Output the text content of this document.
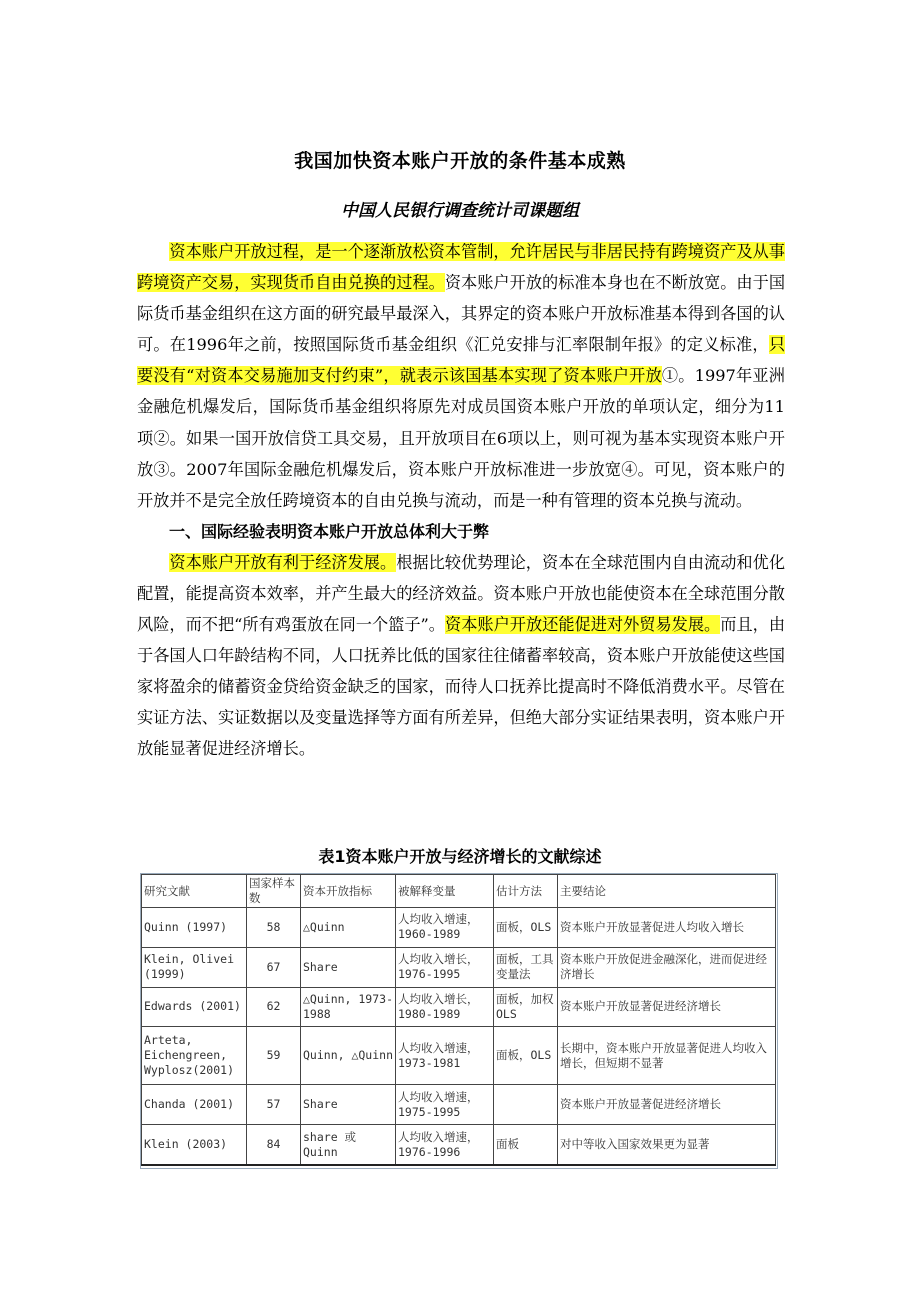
我国加快资本账户开放的条件基本成熟
中国人民银行调查统计司课题组

资本账户开放过程，是一个逐渐放松资本管制，允许居民与非居民持有跨境资产及从事跨境资产交易，实现货币自由兑换的过程。资本账户开放的标准本身也在不断放宽。由于国际货币基金组织在这方面的研究最早最深入，其界定的资本账户开放标准基本得到各国的认可。在1996年之前，按照国际货币基金组织《汇兑安排与汇率限制年报》的定义标准，只要没有“对资本交易施加支付约束”，就表示该国基本实现了资本账户开放①。1997年亚洲金融危机爆发后，国际货币基金组织将原先对成员国资本账户开放的单项认定，细分为11项②。如果一国开放信贷工具交易，且开放项目在6项以上，则可视为基本实现资本账户开放③。2007年国际金融危机爆发后，资本账户开放标准进一步放宽④。可见，资本账户的开放并不是完全放任跨境资本的自由兑换与流动，而是一种有管理的资本兑换与流动。

一、国际经验表明资本账户开放总体利大于弊

资本账户开放有利于经济发展。根据比较优势理论，资本在全球范围内自由流动和优化配置，能提高资本效率，并产生最大的经济效益。资本账户开放也能使资本在全球范围分散风险，而不把“所有鸡蛋放在同一个篮子”。资本账户开放还能促进对外贸易发展。而且，由于各国人口年龄结构不同，人口抚养比低的国家往往储蓄率较高，资本账户开放能使这些国家将盈余的储蓄资金贷给资金缺乏的国家，而待人口抚养比提高时不降低消费水平。尽管在实证方法、实证数据以及变量选择等方面有所差异，但绝大部分实证结果表明，资本账户开放能显著促进经济增长。

表1资本账户开放与经济增长的文献综述
研究文献	国家样本数	资本开放指标	被解释变量	估计方法	主要结论
Quinn (1997)	58	△Quinn	人均收入增速，1960-1989	面板，OLS	资本账户开放显著促进人均收入增长
Klein, Olivei (1999)	67	Share	人均收入增长，1976-1995	面板，工具变量法	资本账户开放促进金融深化，进而促进经济增长
Edwards (2001)	62	△Quinn, 1973-1988	人均收入增长，1980-1989	面板，加权OLS	资本账户开放显著促进经济增长
Arteta, Eichengreen, Wyplosz(2001)	59	Quinn, △Quinn	人均收入增速，1973-1981	面板，OLS	长期中，资本账户开放显著促进人均收入增长，但短期不显著
Chanda (2001)	57	Share	人均收入增速，1975-1995		资本账户开放显著促进经济增长
Klein (2003)	84	share 或 Quinn	人均收入增速，1976-1996	面板	对中等收入国家效果更为显著
